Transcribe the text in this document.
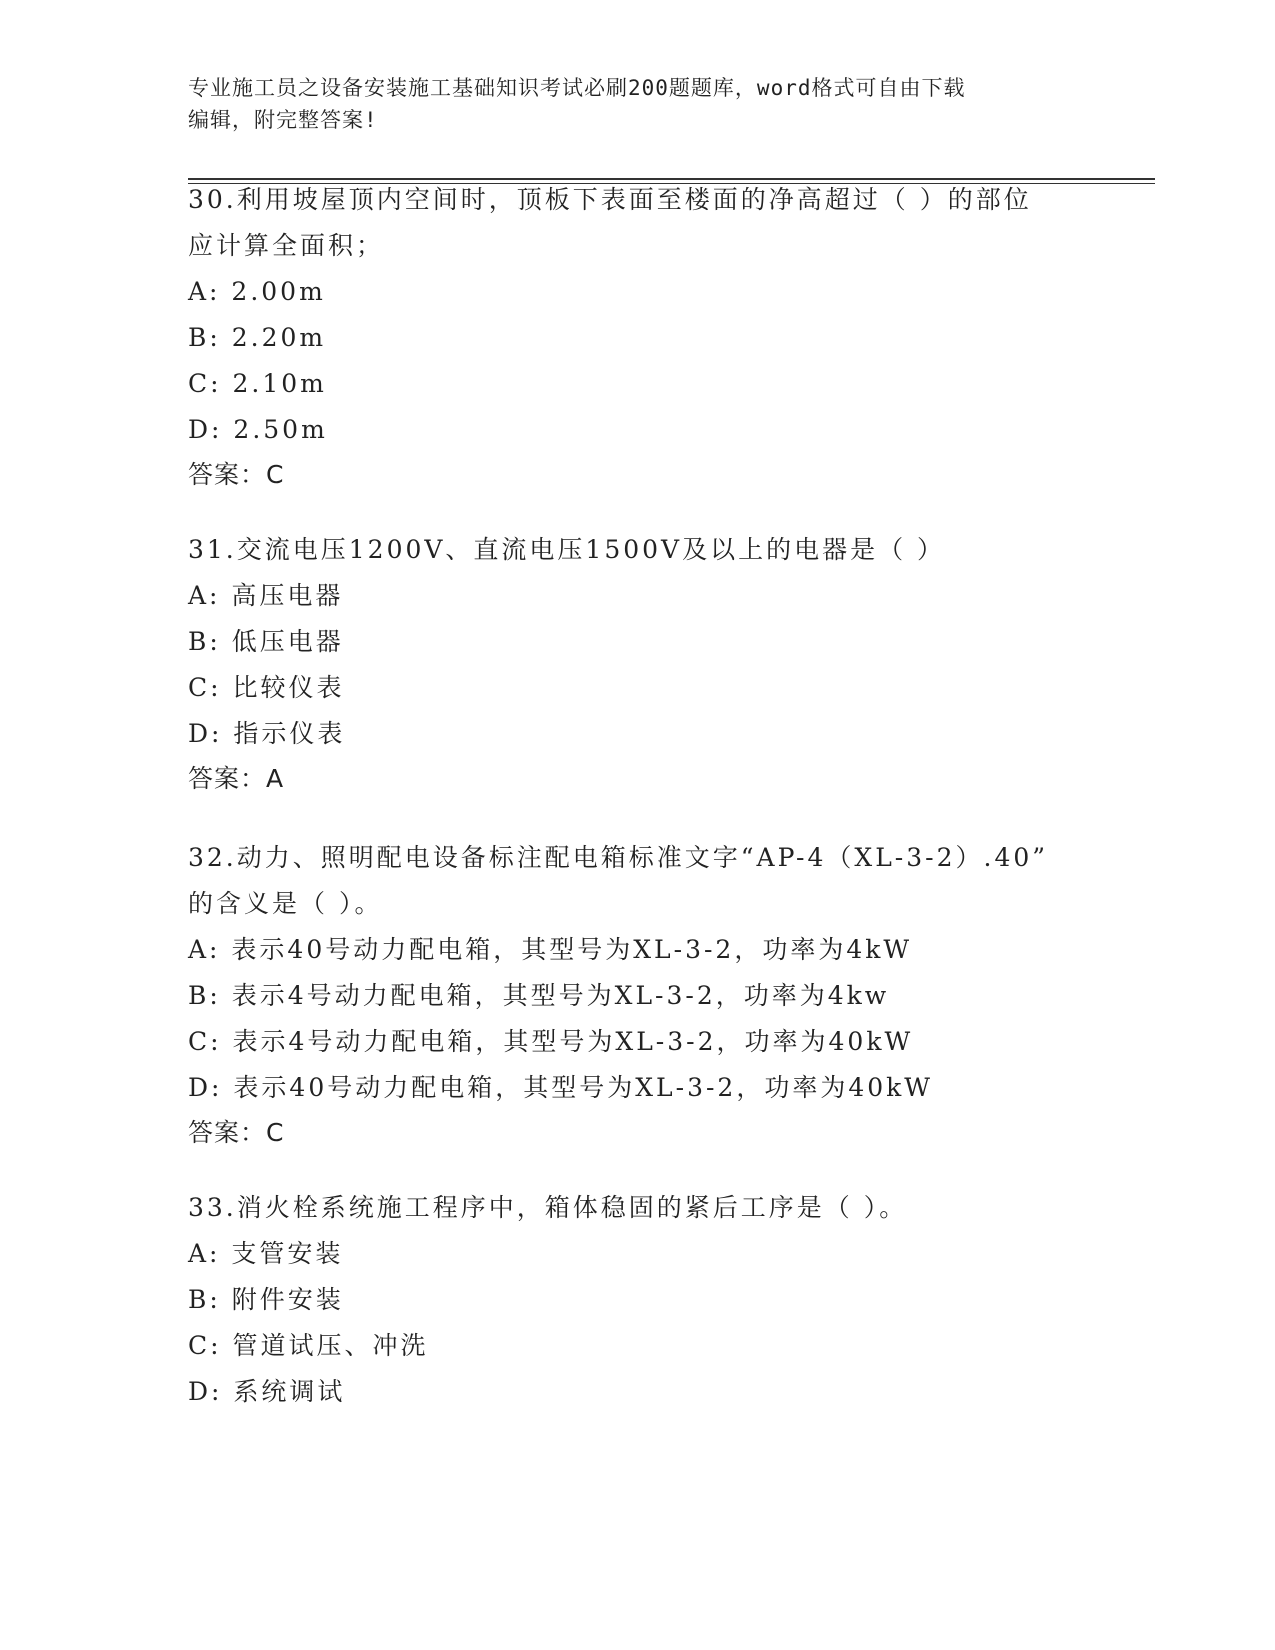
专业施工员之设备安装施工基础知识考试必刷200题题库，word格式可自由下载
编辑，附完整答案!

30.利用坡屋顶内空间时，顶板下表面至楼面的净高超过（ ）的部位

应计算全面积；

A: 2.00m

B: 2.20m

C: 2.10m

D: 2.50m

答案：C

31.交流电压1200V、直流电压1500V及以上的电器是（ ）

A: 高压电器

B: 低压电器

C: 比较仪表

D: 指示仪表

答案：A

32.动力、照明配电设备标注配电箱标准文字“AP-4（XL-3-2）.40”

的含义是（ ）。

A: 表示40号动力配电箱，其型号为XL-3-2，功率为4kW

B: 表示4号动力配电箱，其型号为XL-3-2，功率为4kw

C: 表示4号动力配电箱，其型号为XL-3-2，功率为40kW

D: 表示40号动力配电箱，其型号为XL-3-2，功率为40kW

答案：C

33.消火栓系统施工程序中，箱体稳固的紧后工序是（ ）。

A: 支管安装

B: 附件安装

C: 管道试压、冲洗

D: 系统调试
